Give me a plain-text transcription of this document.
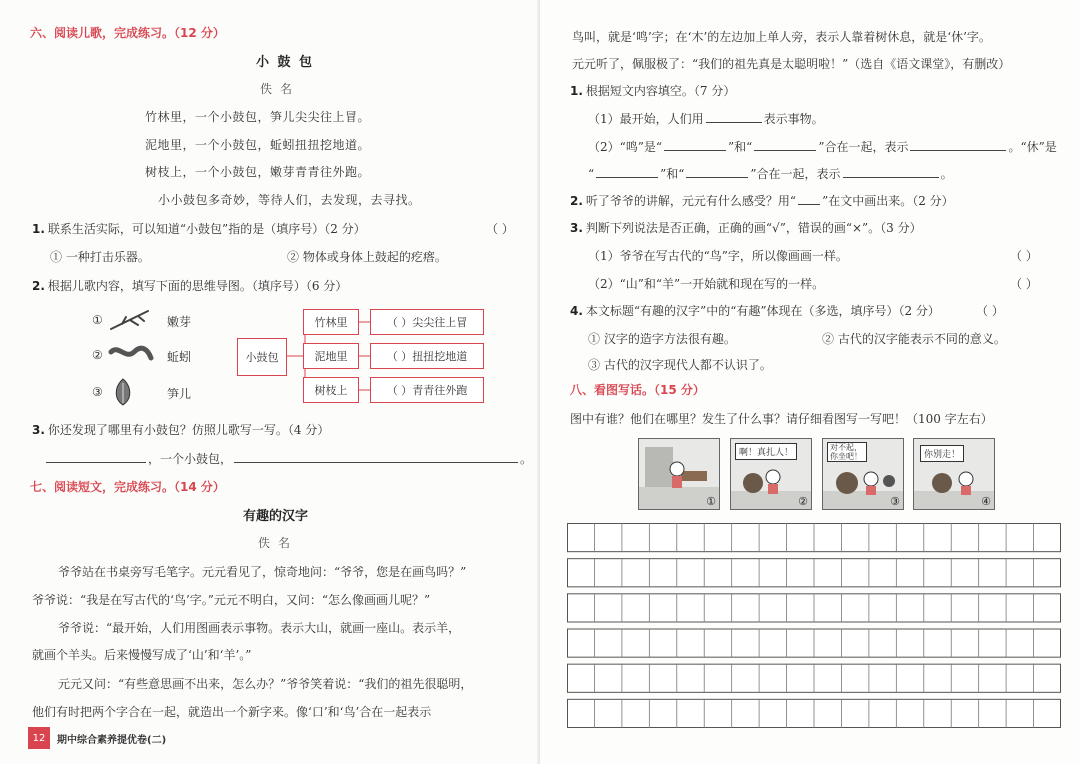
六、阅读儿歌，完成练习。（12 分）
小 鼓 包
佚名
竹林里，一个小鼓包，笋儿尖尖往上冒。
泥地里，一个小鼓包，蚯蚓扭扭挖地道。
树枝上，一个小鼓包，嫩芽青青往外跑。
小小鼓包多奇妙，等待人们，去发现，去寻找。
1. 联系生活实际，可以知道“小鼓包”指的是（填序号）（2 分）	（ ）
① 一种打击乐器。	② 物体或身体上鼓起的疙瘩。
2. 根据儿歌内容，填写下面的思维导图。（填序号）（6 分）
①	嫩芽
②	蚯蚓
③	笋儿
小鼓包
竹林里
泥地里
树枝上
（ ）尖尖往上冒
（ ）扭扭挖地道
（ ）青青往外跑
3. 你还发现了哪里有小鼓包？仿照儿歌写一写。（4 分）
，一个小鼓包，	。
七、阅读短文，完成练习。（14 分）
有趣的汉字
佚名
爷爷站在书桌旁写毛笔字。元元看见了，惊奇地问：“爷爷，您是在画鸟吗？”
爷爷说：“我是在写古代的‘鸟’字。”元元不明白，又问：“怎么像画画儿呢？”
爷爷说：“最开始，人们用图画表示事物。表示大山，就画一座山。表示羊，
就画个羊头。后来慢慢写成了‘山’和‘羊’。”
元元又问：“有些意思画不出来，怎么办？”爷爷笑着说：“我们的祖先很聪明，
他们有时把两个字合在一起，就造出一个新字来。像‘口’和‘鸟’合在一起表示
12	期中综合素养提优卷(二)
鸟叫，就是‘鸣’字；在‘木’的左边加上单人旁，表示人靠着树休息，就是‘休’字。
元元听了，佩服极了：“我们的祖先真是太聪明啦！”（选自《语文课堂》，有删改）
1. 根据短文内容填空。（7 分）
（1）最开始，人们用	表示事物。
（2）“鸣”是“	”和“	”合在一起，表示	。“休”是
“	”和“	”合在一起，表示	。
2. 听了爷爷的讲解，元元有什么感受？用“ ”在文中画出来。（2 分）
3. 判断下列说法是否正确，正确的画“√”，错误的画“×”。（3 分）
（1）爷爷在写古代的“鸟”字，所以像画画一样。	（ ）
（2）“山”和“羊”一开始就和现在写的一样。	（ ）
4. 本文标题“有趣的汉字”中的“有趣”体现在（多选，填序号）（2 分）	（ ）
① 汉字的造字方法很有趣。	② 古代的汉字能表示不同的意义。
③ 古代的汉字现代人都不认识了。
八、看图写话。（15 分）
图中有谁？他们在哪里？发生了什么事？请仔细看图写一写吧！（100 字左右）
①
啊！真扎人！
②
对不起，你坐吧！
③
你别走！
④
